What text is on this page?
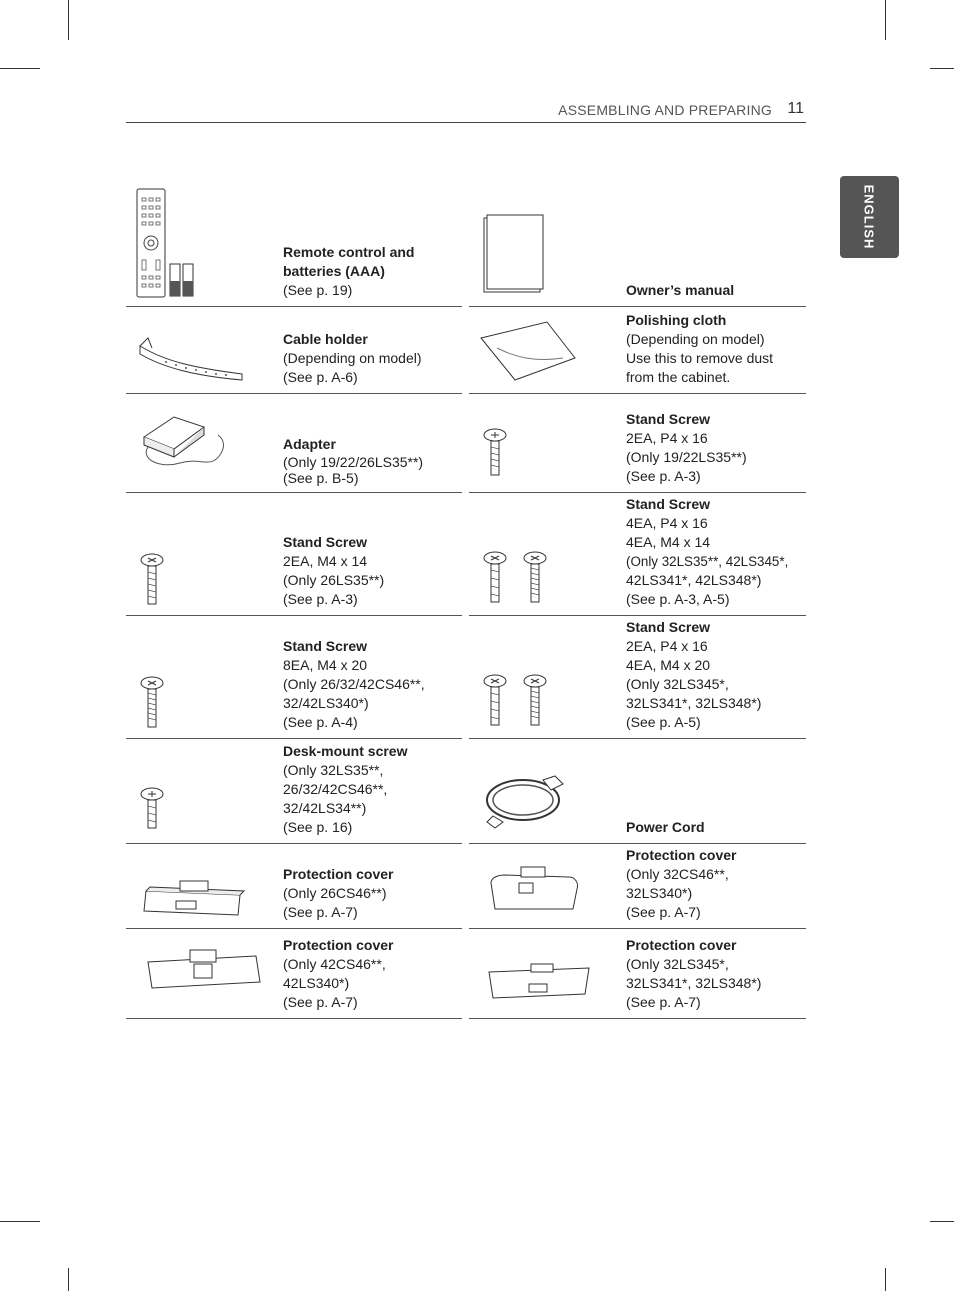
ASSEMBLING AND PREPARING 11
ENGLISH
Remote control and batteries (AAA)
(See p. 19)	Owner’s manual
Cable holder
(Depending on model)
(See p. A-6)
Polishing cloth
(Depending on model)
Use this to remove dust
from the cabinet.
Adapter
(Only 19/22/26LS35**)
(See p. B-5)
Stand Screw
2EA, P4 x 16
(Only 19/22LS35**)
(See p. A-3)
Stand Screw
2EA, M4 x 14
(Only 26LS35**)
(See p. A-3)
Stand Screw
4EA, P4 x 16
4EA, M4 x 14
(Only 32LS35**, 42LS345*,
42LS341*, 42LS348*)
(See p. A-3, A-5)
Stand Screw
8EA, M4 x 20
(Only 26/32/42CS46**,
32/42LS340*)
(See p. A-4)
Stand Screw
2EA, P4 x 16
4EA, M4 x 20
(Only 32LS345*,
32LS341*, 32LS348*)
(See p. A-5)
Desk-mount screw
(Only 32LS35**,
26/32/42CS46**,
32/42LS34**)
(See p. 16)	Power Cord
Protection cover
(Only 26CS46**)
(See p. A-7)
Protection cover
(Only 32CS46**,
32LS340*)
(See p. A-7)
Protection cover
(Only 42CS46**,
42LS340*)
(See p. A-7)
Protection cover
(Only 32LS345*,
32LS341*, 32LS348*)
(See p. A-7)
